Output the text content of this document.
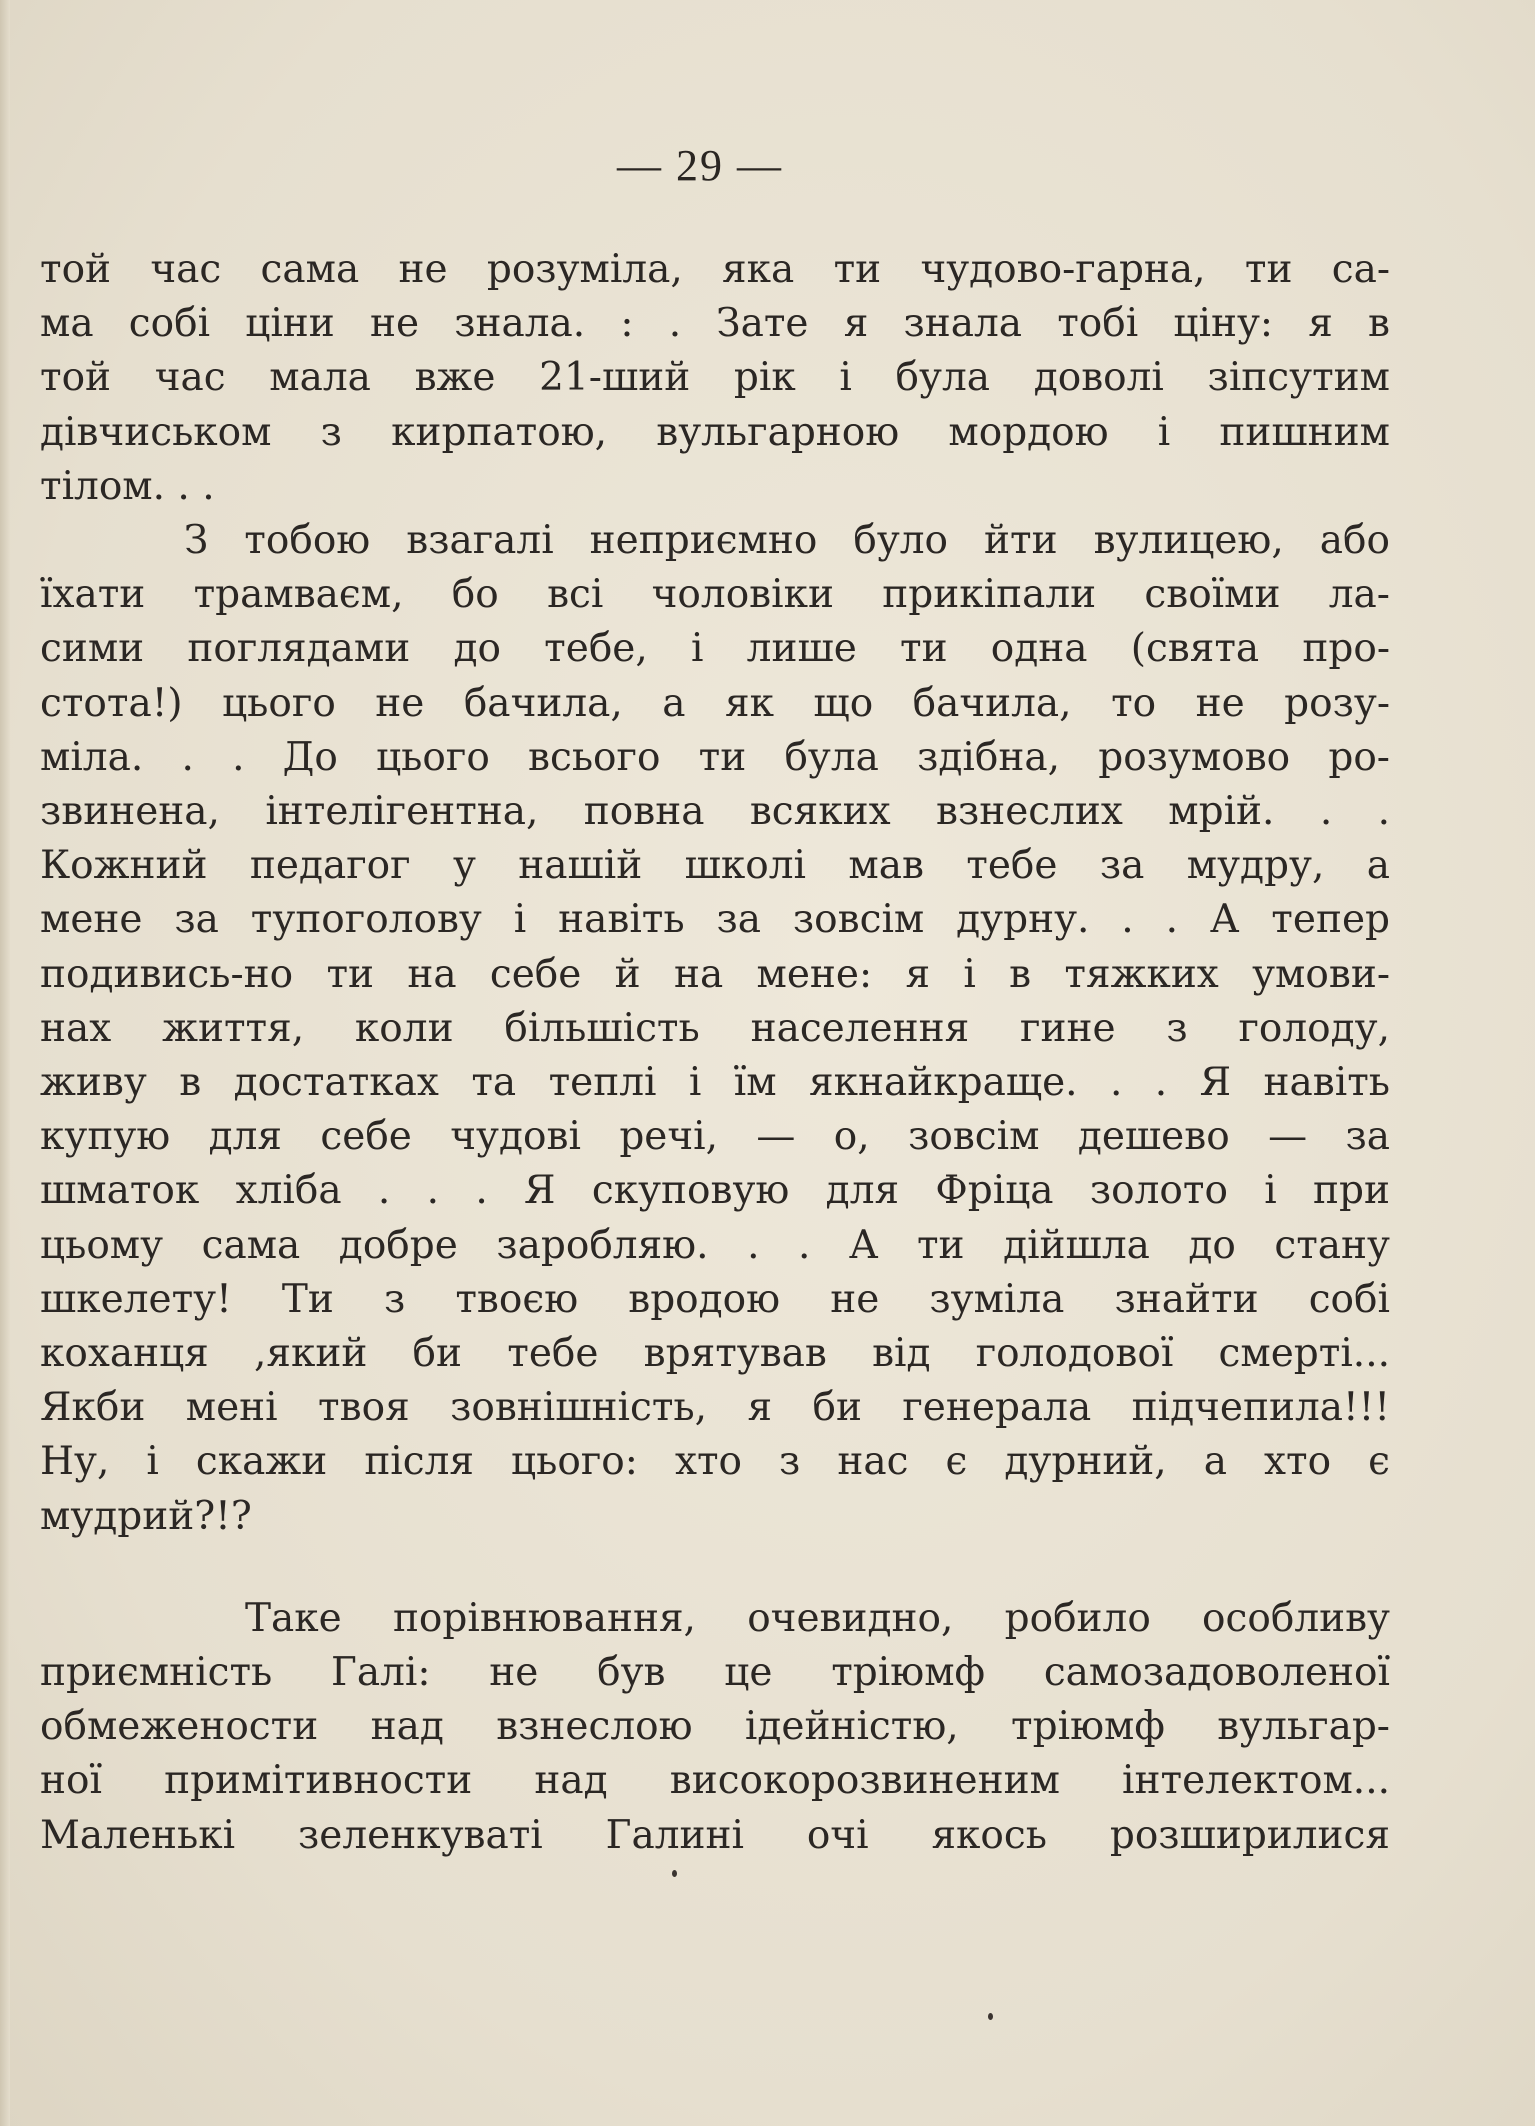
— 29 —
той час сама не розуміла, яка ти чудово-гарна, ти са-
ма собі ціни не знала. : . Зате я знала тобі ціну: я в
той час мала вже 21-ший рік і була доволі зіпсутим
дівчиськом з кирпатою, вульгарною мордою і пишним
тілом. . .
З тобою взагалі неприємно було йти вулицею, або
їхати трамваєм, бо всі чоловіки прикіпали своїми ла-
сими поглядами до тебе, і лише ти одна (свята про-
стота!) цього не бачила, а як що бачила, то не розу-
міла. . . До цього всього ти була здібна, розумово ро-
звинена, інтелігентна, повна всяких взнеслих мрій. . .
Кожний педагог у нашій школі мав тебе за мудру, а
мене за тупоголову і навіть за зовсім дурну. . . А тепер
подивись-но ти на себе й на мене: я і в тяжких умови-
нах життя, коли більшість населення гине з голоду,
живу в достатках та теплі і їм якнайкраще. . . Я навіть
купую для себе чудові речі, — о, зовсім дешево — за
шматок хліба . . . Я скуповую для Фріца золото і при
цьому сама добре заробляю. . . А ти дійшла до стану
шкелету! Ти з твоєю вродою не зуміла знайти собі
коханця ,який би тебе врятував від голодової смерті...
Якби мені твоя зовнішність, я би генерала підчепила!!!
Ну, і скажи після цього: хто з нас є дурний, а хто є
мудрий?!?
Таке порівнювання, очевидно, робило особливу
приємність Галі: не був це тріюмф самозадоволеної
обмежености над взнеслою ідейністю, тріюмф вульгар-
ної примітивности над високорозвиненим інтелектом...
Маленькі зеленкуваті Галині очі якось розширилися
